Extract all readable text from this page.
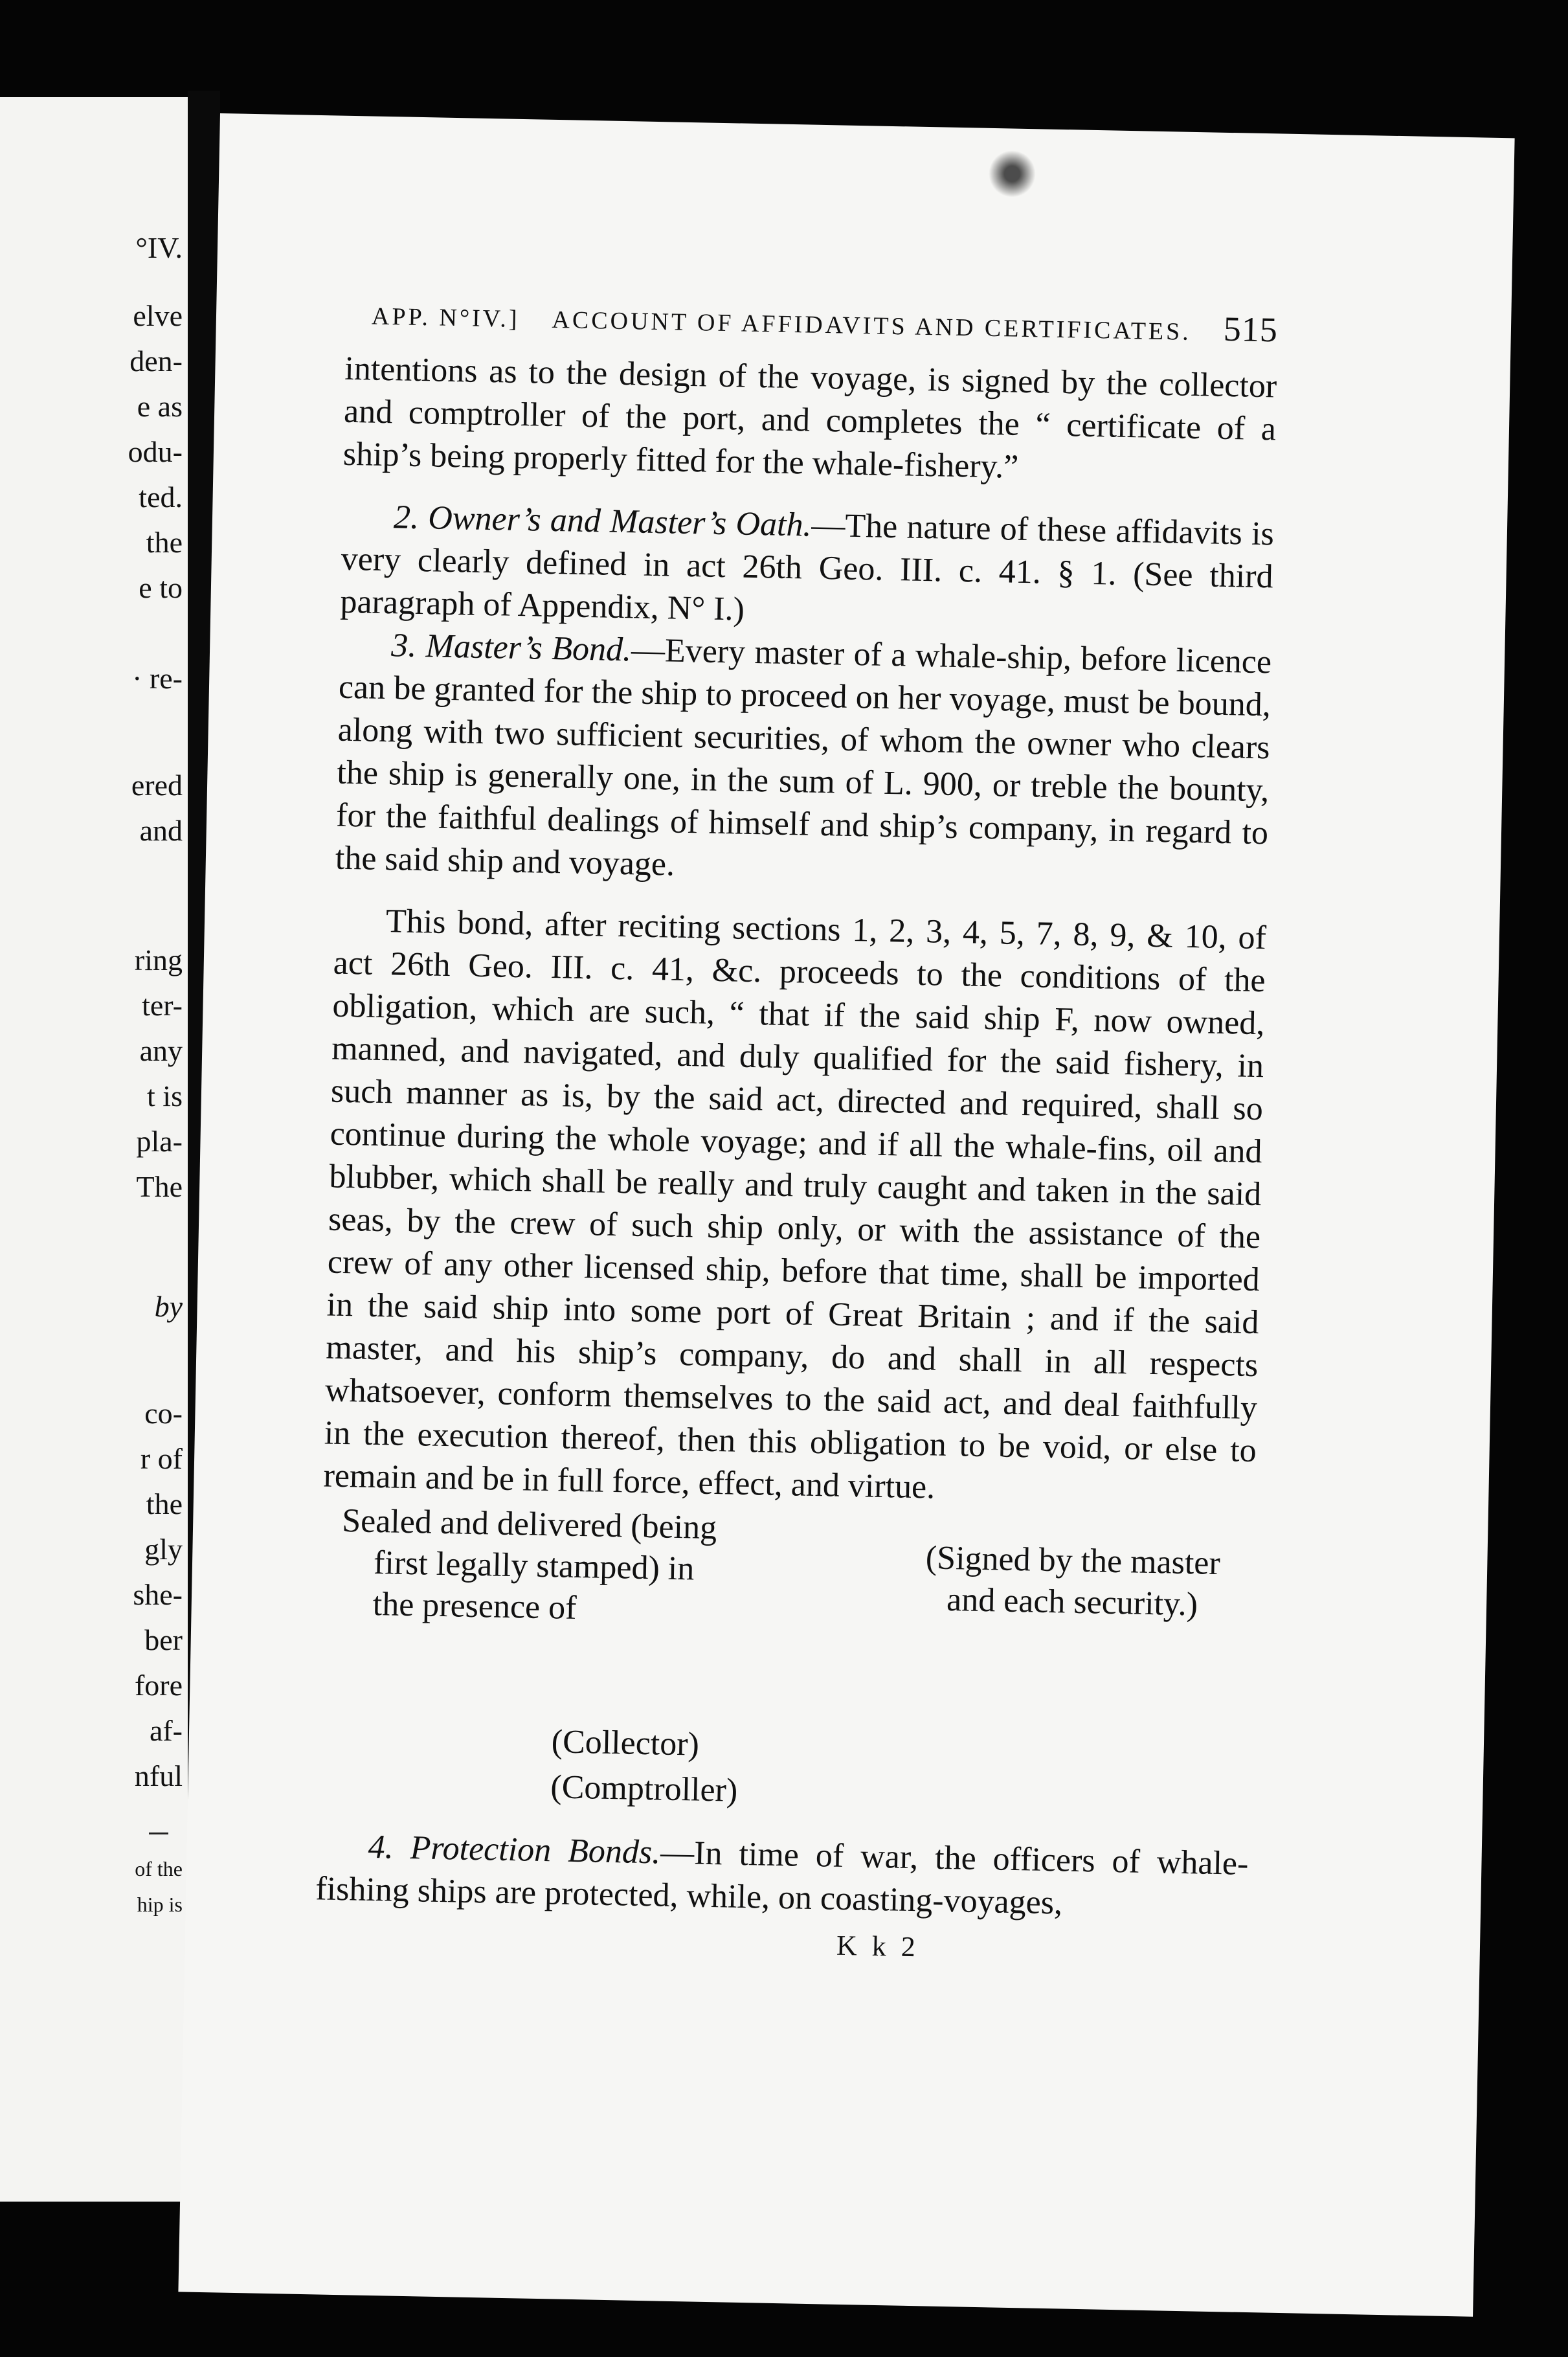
°IV.
elve
den-
e as
odu-
ted.
the
e to
· re-
ered
and
ring
ter-
any
t is
pla-
The
by
co-
r of
the
gly
she-
ber
fore
af-
nful
of the
hip is
APP. N°IV.]	ACCOUNT OF AFFIDAVITS AND CERTIFICATES. 515

intentions as to the design of the voyage, is signed by the collector and comptroller of the port, and completes the “ certificate of a ship’s being properly fitted for the whale-fishery.”

2. Owner’s and Master’s Oath.—The nature of these affidavits is very clearly defined in act 26th Geo. III. c. 41. § 1. (See third paragraph of Appendix, N° I.)

3. Master’s Bond.—Every master of a whale-ship, before licence can be granted for the ship to proceed on her voyage, must be bound, along with two sufficient securities, of whom the owner who clears the ship is generally one, in the sum of L. 900, or treble the bounty, for the faithful dealings of himself and ship’s company, in regard to the said ship and voyage.

This bond, after reciting sections 1, 2, 3, 4, 5, 7, 8, 9, & 10, of act 26th Geo. III. c. 41, &c. proceeds to the conditions of the obligation, which are such, “ that if the said ship F, now owned, manned, and navigated, and duly qualified for the said fishery, in such manner as is, by the said act, directed and required, shall so continue during the whole voyage; and if all the whale-fins, oil and blubber, which shall be really and truly caught and taken in the said seas, by the crew of such ship only, or with the assistance of the crew of any other licensed ship, before that time, shall be imported in the said ship into some port of Great Britain ; and if the said master, and his ship’s company, do and shall in all respects whatsoever, conform themselves to the said act, and deal faithfully in the execution thereof, then this obligation to be void, or else to remain and be in full force, effect, and virtue.

Sealed and delivered (being
first legally stamped) in
the presence of
(Signed by the master
and each security.)
(Collector)
(Comptroller)

4. Protection Bonds.—In time of war, the officers of whale-fishing ships are protected, while, on coasting-voyages,

K k 2
